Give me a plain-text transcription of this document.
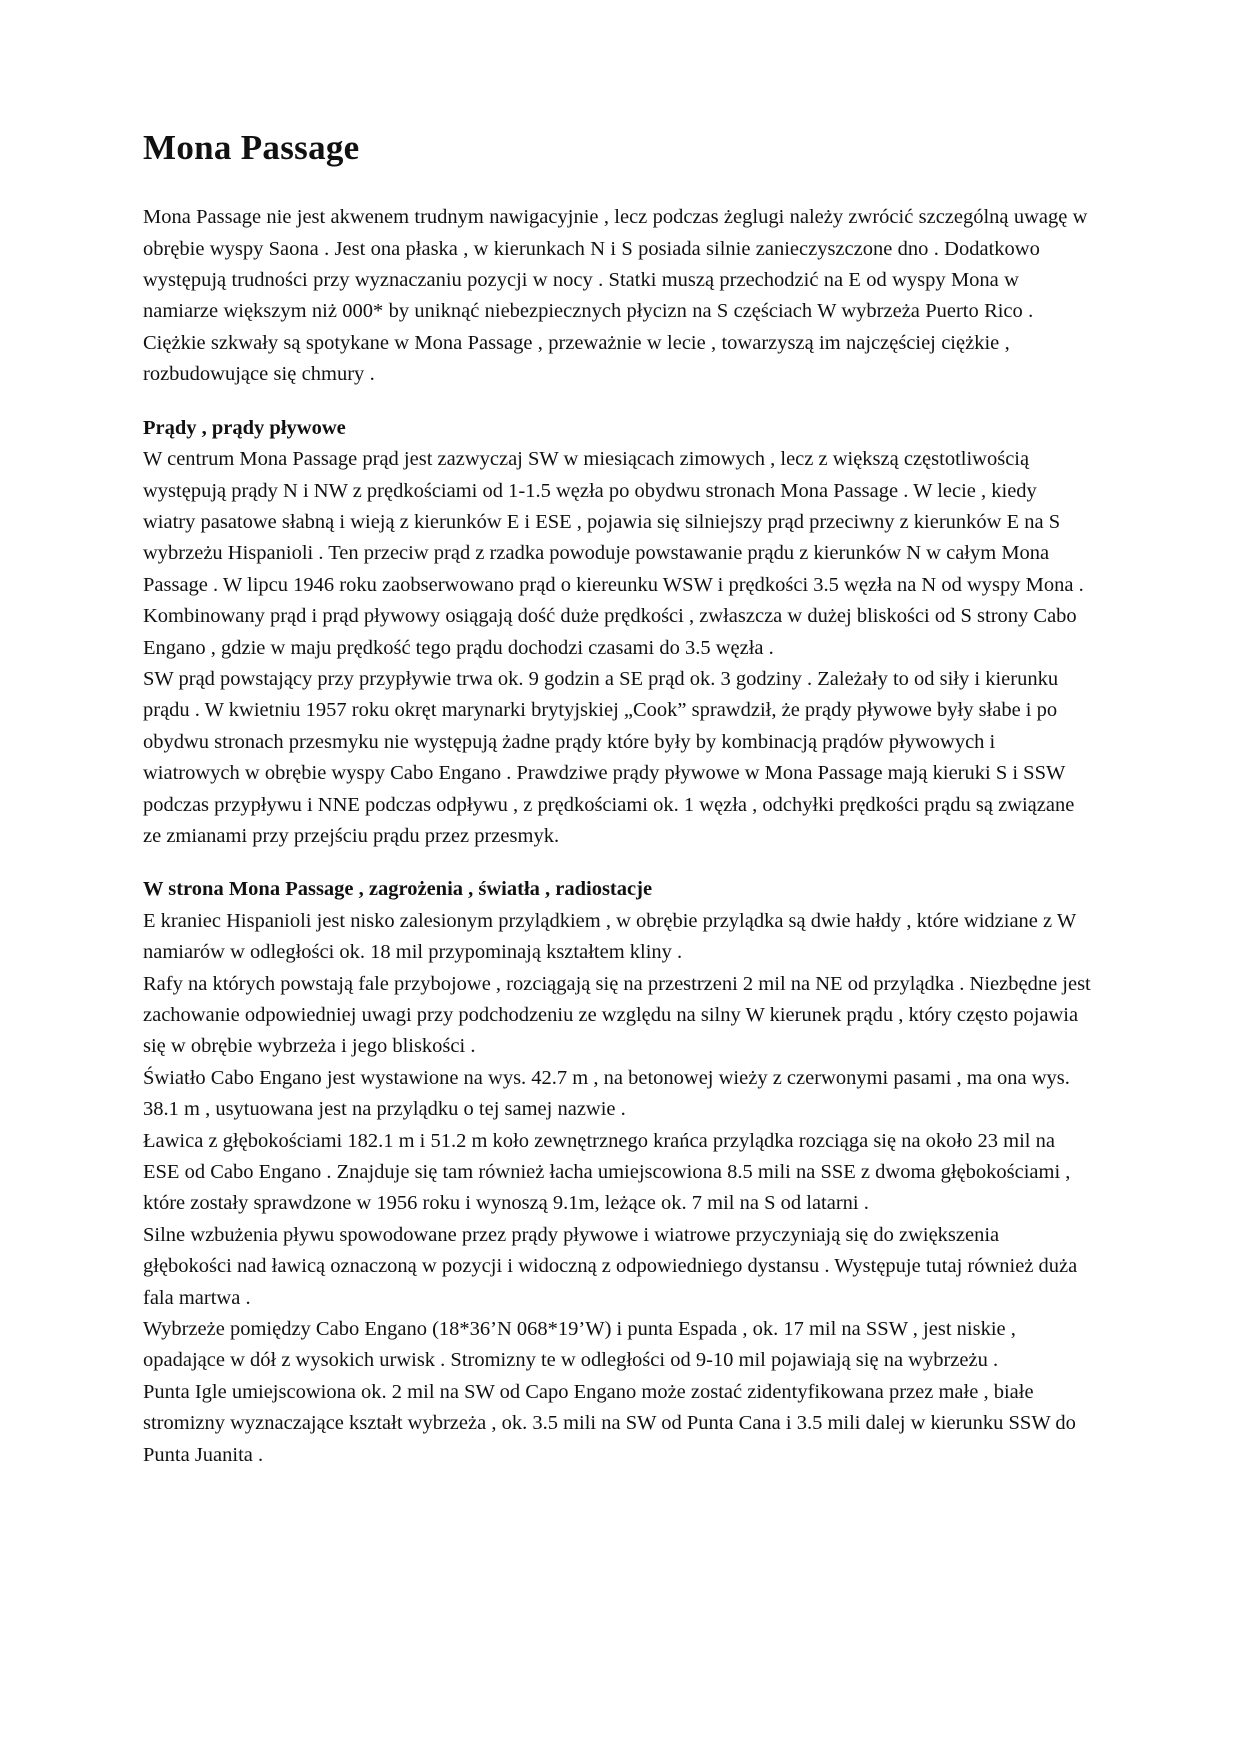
Mona Passage

Mona Passage nie jest akwenem trudnym nawigacyjnie , lecz podczas żeglugi należy zwrócić szczególną uwagę w obrębie wyspy Saona . Jest ona płaska , w kierunkach N i S posiada silnie zanieczyszczone dno . Dodatkowo występują trudności przy wyznaczaniu pozycji w nocy . Statki muszą przechodzić na E od wyspy Mona w namiarze większym niż 000* by uniknąć niebezpiecznych płycizn na S częściach W wybrzeża Puerto Rico . Ciężkie szkwały są spotykane w Mona Passage , przeważnie w lecie , towarzyszą im najczęściej ciężkie , rozbudowujące się chmury .

Prądy , prądy pływowe

W centrum Mona Passage prąd jest zazwyczaj SW w miesiącach zimowych , lecz z większą częstotliwością występują prądy N i NW z prędkościami od 1-1.5 węzła po obydwu stronach Mona Passage . W lecie , kiedy wiatry pasatowe słabną i wieją z kierunków E i ESE , pojawia się silniejszy prąd przeciwny z kierunków E na S wybrzeżu Hispanioli . Ten przeciw prąd z rzadka powoduje powstawanie prądu z kierunków N w całym Mona Passage . W lipcu 1946 roku zaobserwowano prąd o kiereunku WSW i prędkości 3.5 węzła na N od wyspy Mona . Kombinowany prąd i prąd pływowy osiągają dość duże prędkości , zwłaszcza w dużej bliskości od S strony Cabo Engano , gdzie w maju prędkość tego prądu dochodzi czasami do 3.5 węzła .

SW prąd powstający przy przypływie trwa ok. 9 godzin a SE prąd ok. 3 godziny . Zależały to od siły i kierunku prądu . W kwietniu 1957 roku okręt marynarki brytyjskiej „Cook” sprawdził, że prądy pływowe były słabe i po obydwu stronach przesmyku nie występują żadne prądy które były by kombinacją prądów pływowych i wiatrowych w obrębie wyspy Cabo Engano . Prawdziwe prądy pływowe w Mona Passage mają kieruki S i SSW podczas przypływu i NNE podczas odpływu , z prędkościami ok. 1 węzła , odchyłki prędkości prądu są związane ze zmianami przy przejściu prądu przez przesmyk.

W strona Mona Passage , zagrożenia , światła , radiostacje

E kraniec Hispanioli jest nisko zalesionym przylądkiem , w obrębie przylądka są dwie hałdy , które widziane z W namiarów w odległości ok. 18 mil przypominają kształtem kliny .

Rafy na których powstają fale przybojowe , rozciągają się na przestrzeni 2 mil na NE od przylądka . Niezbędne jest zachowanie odpowiedniej uwagi przy podchodzeniu ze względu na silny W kierunek prądu , który często pojawia się w obrębie wybrzeża i jego bliskości .

Światło Cabo Engano jest wystawione na wys. 42.7 m , na betonowej wieży z czerwonymi pasami , ma ona wys. 38.1 m , usytuowana jest na przylądku o tej samej nazwie .

Ławica z głębokościami 182.1 m i 51.2 m koło zewnętrznego krańca przylądka rozciąga się na około 23 mil na ESE od Cabo Engano . Znajduje się tam również łacha umiejscowiona 8.5 mili na SSE z dwoma głębokościami , które zostały sprawdzone w 1956 roku i wynoszą 9.1m, leżące ok. 7 mil na S od latarni .

Silne wzbużenia pływu spowodowane przez prądy pływowe i wiatrowe przyczyniają się do zwiększenia głębokości nad ławicą oznaczoną w pozycji i widoczną z odpowiedniego dystansu . Występuje tutaj również duża fala martwa .

Wybrzeże pomiędzy Cabo Engano (18*36’N 068*19’W) i punta Espada , ok. 17 mil na SSW , jest niskie , opadające w dół z wysokich urwisk . Stromizny te w odległości od 9-10 mil pojawiają się na wybrzeżu .

Punta Igle umiejscowiona ok. 2 mil na SW od Capo Engano może zostać zidentyfikowana przez małe , białe stromizny wyznaczające kształt wybrzeża , ok. 3.5 mili na SW od Punta Cana i 3.5 mili dalej w kierunku SSW do Punta Juanita .
